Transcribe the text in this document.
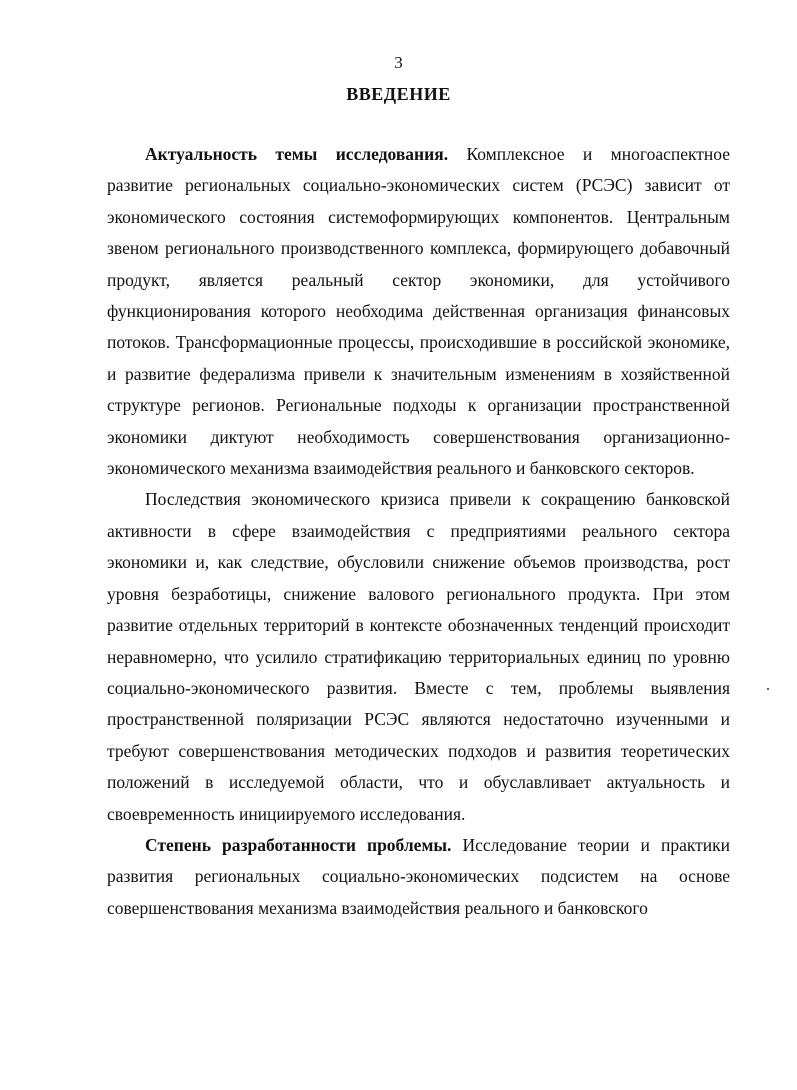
3

ВВЕДЕНИЕ

Актуальность темы исследования. Комплексное и многоаспектное развитие региональных социально-экономических систем (РСЭС) зависит от экономического состояния системоформирующих компонентов. Центральным звеном регионального производственного комплекса, формирующего добавочный продукт, является реальный сектор экономики, для устойчивого функционирования которого необходима действенная организация финансовых потоков. Трансформационные процессы, происходившие в российской экономике, и развитие федерализма привели к значительным изменениям в хозяйственной структуре регионов. Региональные подходы к организации пространственной экономики диктуют необходимость совершенствования организационно-экономического механизма взаимодействия реального и банковского секторов.

Последствия экономического кризиса привели к сокращению банковской активности в сфере взаимодействия с предприятиями реального сектора экономики и, как следствие, обусловили снижение объемов производства, рост уровня безработицы, снижение валового регионального продукта. При этом развитие отдельных территорий в контексте обозначенных тенденций происходит неравномерно, что усилило стратификацию территориальных единиц по уровню социально-экономического развития. Вместе с тем, проблемы выявления пространственной поляризации РСЭС являются недостаточно изученными и требуют совершенствования методических подходов и развития теоретических положений в исследуемой области, что и обуславливает актуальность и своевременность инициируемого исследования.

Степень разработанности проблемы. Исследование теории и практики развития региональных социально-экономических подсистем на основе совершенствования механизма взаимодействия реального и банковского
